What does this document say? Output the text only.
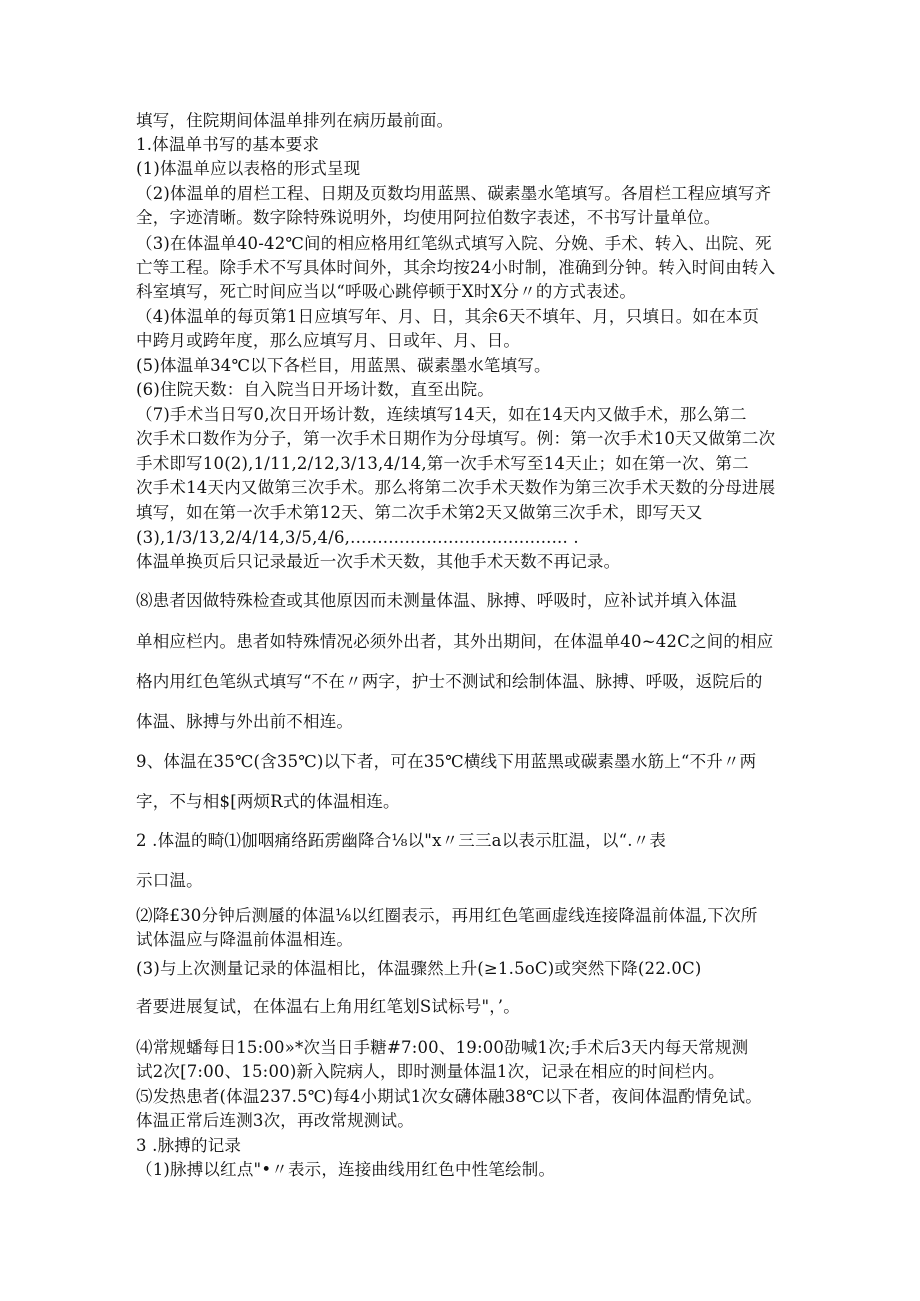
填写，住院期间体温单排列在病历最前面。
1.体温单书写的基本要求
(1)体温单应以表格的形式呈现
（2)体温单的眉栏工程、日期及页数均用蓝黑、碳素墨水笔填写。各眉栏工程应填写齐
全，字迹清晰。数字除特殊说明外，均使用阿拉伯数字表述，不书写计量单位。
（3)在体温单40-42℃间的相应格用红笔纵式填写入院、分娩、手术、转入、出院、死
亡等工程。除手术不写具体时间外，其余均按24小时制，准确到分钟。转入时间由转入
科室填写，死亡时间应当以“呼吸心跳停顿于X时X分〃的方式表述。
（4)体温单的每页第1日应填写年、月、日，其余6天不填年、月，只填日。如在本页
中跨月或跨年度，那么应填写月、日或年、月、日。
(5)体温单34℃以下各栏目，用蓝黑、碳素墨水笔填写。
(6)住院天数：自入院当日开场计数，直至出院。
（7)手术当日写0,次日开场计数，连续填写14天，如在14天内又做手术，那么第二
次手术口数作为分子，第一次手术日期作为分母填写。例：第一次手术10天又做第二次
手术即写10(2),1/11,2/12,3/13,4/14,第一次手术写至14天止；如在第一次、第二
次手术14天内又做第三次手术。那么将第二次手术天数作为第三次手术天数的分母进展
填写，如在第一次手术第12天、第二次手术第2天又做第三次手术，即写天又
(3),1/3/13,2/4/14,3/5,4/6,........................................ .
体温单换页后只记录最近一次手术天数，其他手术天数不再记录。
⑻患者因做特殊检查或其他原因而未测量体温、脉搏、呼吸时，应补试并填入体温
单相应栏内。患者如特殊情况必须外出者，其外出期间，在体温单40~42C之间的相应
格内用红色笔纵式填写“不在〃两字，护士不测试和绘制体温、脉搏、呼吸，返院后的
体温、脉搏与外出前不相连。
9、体温在35℃(含35℃)以下者，可在35℃横线下用蓝黑或碳素墨水筋上“不升〃两
字，不与相$[两烦R式的体温相连。
2 .体温的畸⑴伽咽痛络跖雳幽降合⅛以"x〃三三a以表示肛温，以“.〃表
示口温。
⑵降£30分钟后测蜃的体温⅛以红圈表示，再用红色笔画虚线连接降温前体温,下次所
试体温应与降温前体温相连。
(3)与上次测量记录的体温相比，体温骤然上升(≥1.5oC)或突然下降(22.0C)
者要进展复试，在体温右上角用红笔划S试标号"，’。
⑷常规蟠每日15:00»*次当日手糖#7:00、19:00劭喊1次;手术后3天内每天常规测
试2次[7:00、15:00)新入院病人，即时测量体温1次，记录在相应的时间栏内。
⑸发热患者(体温237.5℃)每4小期试1次女礴体融38℃以下者，夜间体温酌情免试。
体温正常后连测3次，再改常规测试。
3 .脉搏的记录
（1)脉搏以红点"•〃表示，连接曲线用红色中性笔绘制。
